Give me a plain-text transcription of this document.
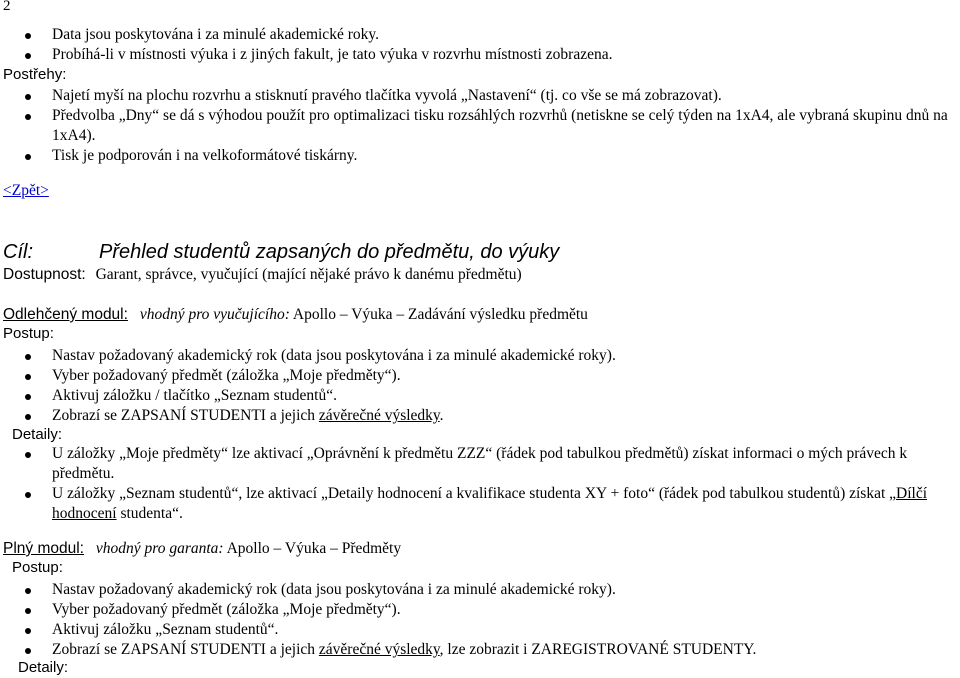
2
Data jsou poskytována i za minulé akademické roky.
Probíhá-li v místnosti výuka i z jiných fakult, je tato výuka v rozvrhu místnosti zobrazena.
Postřehy:
Najetí myší na plochu rozvrhu a stisknutí pravého tlačítka vyvolá „Nastavení“ (tj. co vše se má zobrazovat).
Předvolba „Dny“ se dá s výhodou použít pro optimalizaci tisku rozsáhlých rozvrhů (netiskne se celý týden na 1xA4, ale vybraná skupinu dnů na 1xA4).
Tisk je podporován i na velkoformátové tiskárny.
<Zpět>
Cíl:	Přehled studentů zapsaných do předmětu, do výuky
Dostupnost: Garant, správce, vyučující (mající nějaké právo k danému předmětu)
Odlehčený modul: vhodný pro vyučujícího: Apollo – Výuka – Zadávání výsledku předmětu
Postup:
Nastav požadovaný akademický rok (data jsou poskytována i za minulé akademické roky).
Vyber požadovaný předmět (záložka „Moje předměty“).
Aktivuj záložku / tlačítko „Seznam studentů“.
Zobrazí se ZAPSANÍ STUDENTI a jejich závěrečné výsledky.
Detaily:
U záložky „Moje předměty“ lze aktivací „Oprávnění k předmětu ZZZ“ (řádek pod tabulkou předmětů) získat informaci o mých právech k předmětu.
U záložky „Seznam studentů“, lze aktivací „Detaily hodnocení a kvalifikace studenta XY + foto“ (řádek pod tabulkou studentů) získat „Dílčí hodnocení studenta“.
Plný modul: vhodný pro garanta: Apollo – Výuka – Předměty
Postup:
Nastav požadovaný akademický rok (data jsou poskytována i za minulé akademické roky).
Vyber požadovaný předmět (záložka „Moje předměty“).
Aktivuj záložku „Seznam studentů“.
Zobrazí se ZAPSANÍ STUDENTI a jejich závěrečné výsledky, lze zobrazit i ZAREGISTROVANÉ STUDENTY.
Detaily:
